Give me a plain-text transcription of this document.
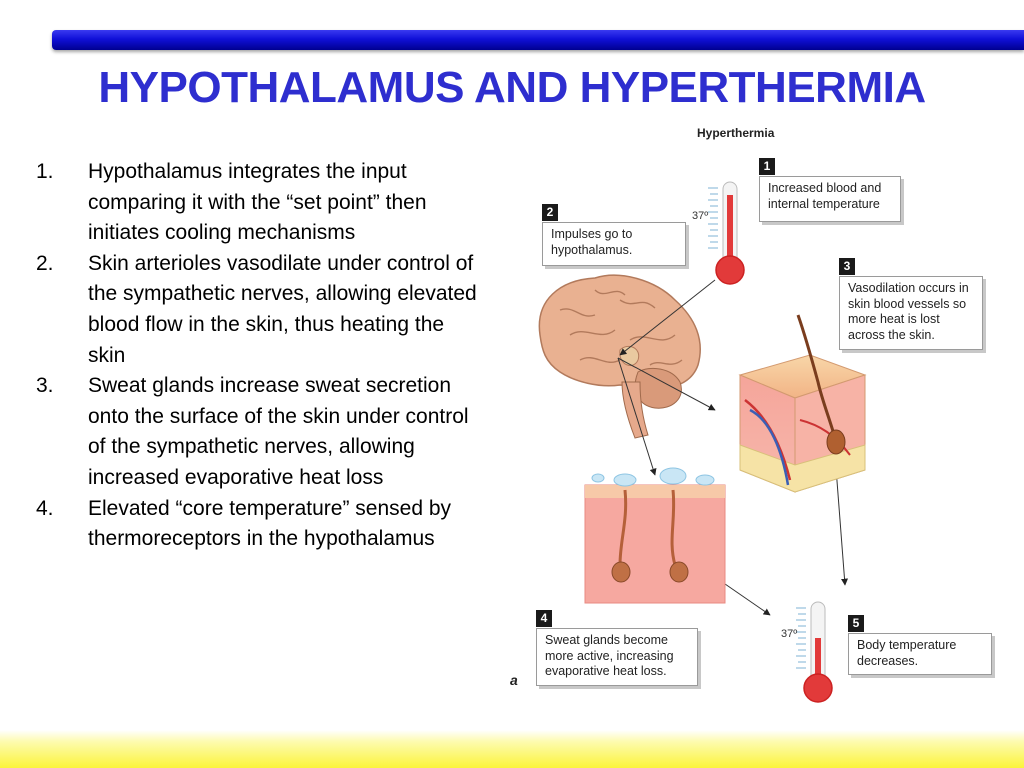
HYPOTHALAMUS AND HYPERTHERMIA
1. Hypothalamus integrates the input comparing it with the “set point” then initiates cooling mechanisms
2. Skin arterioles vasodilate under control of the sympathetic nerves, allowing elevated blood flow in the skin, thus heating the skin
3. Sweat glands increase sweat secretion onto the surface of the skin under control of the sympathetic nerves, allowing increased evaporative heat loss
4. Elevated “core temperature” sensed by thermoreceptors in the hypothalamus
Hyperthermia
37º
37º
1
Increased blood and internal temperature
2
Impulses go to hypothalamus.
3
Vasodilation occurs in skin blood vessels so more heat is lost across the skin.
4
Sweat glands become more active, increasing evaporative heat loss.
5
Body temperature decreases.
a
